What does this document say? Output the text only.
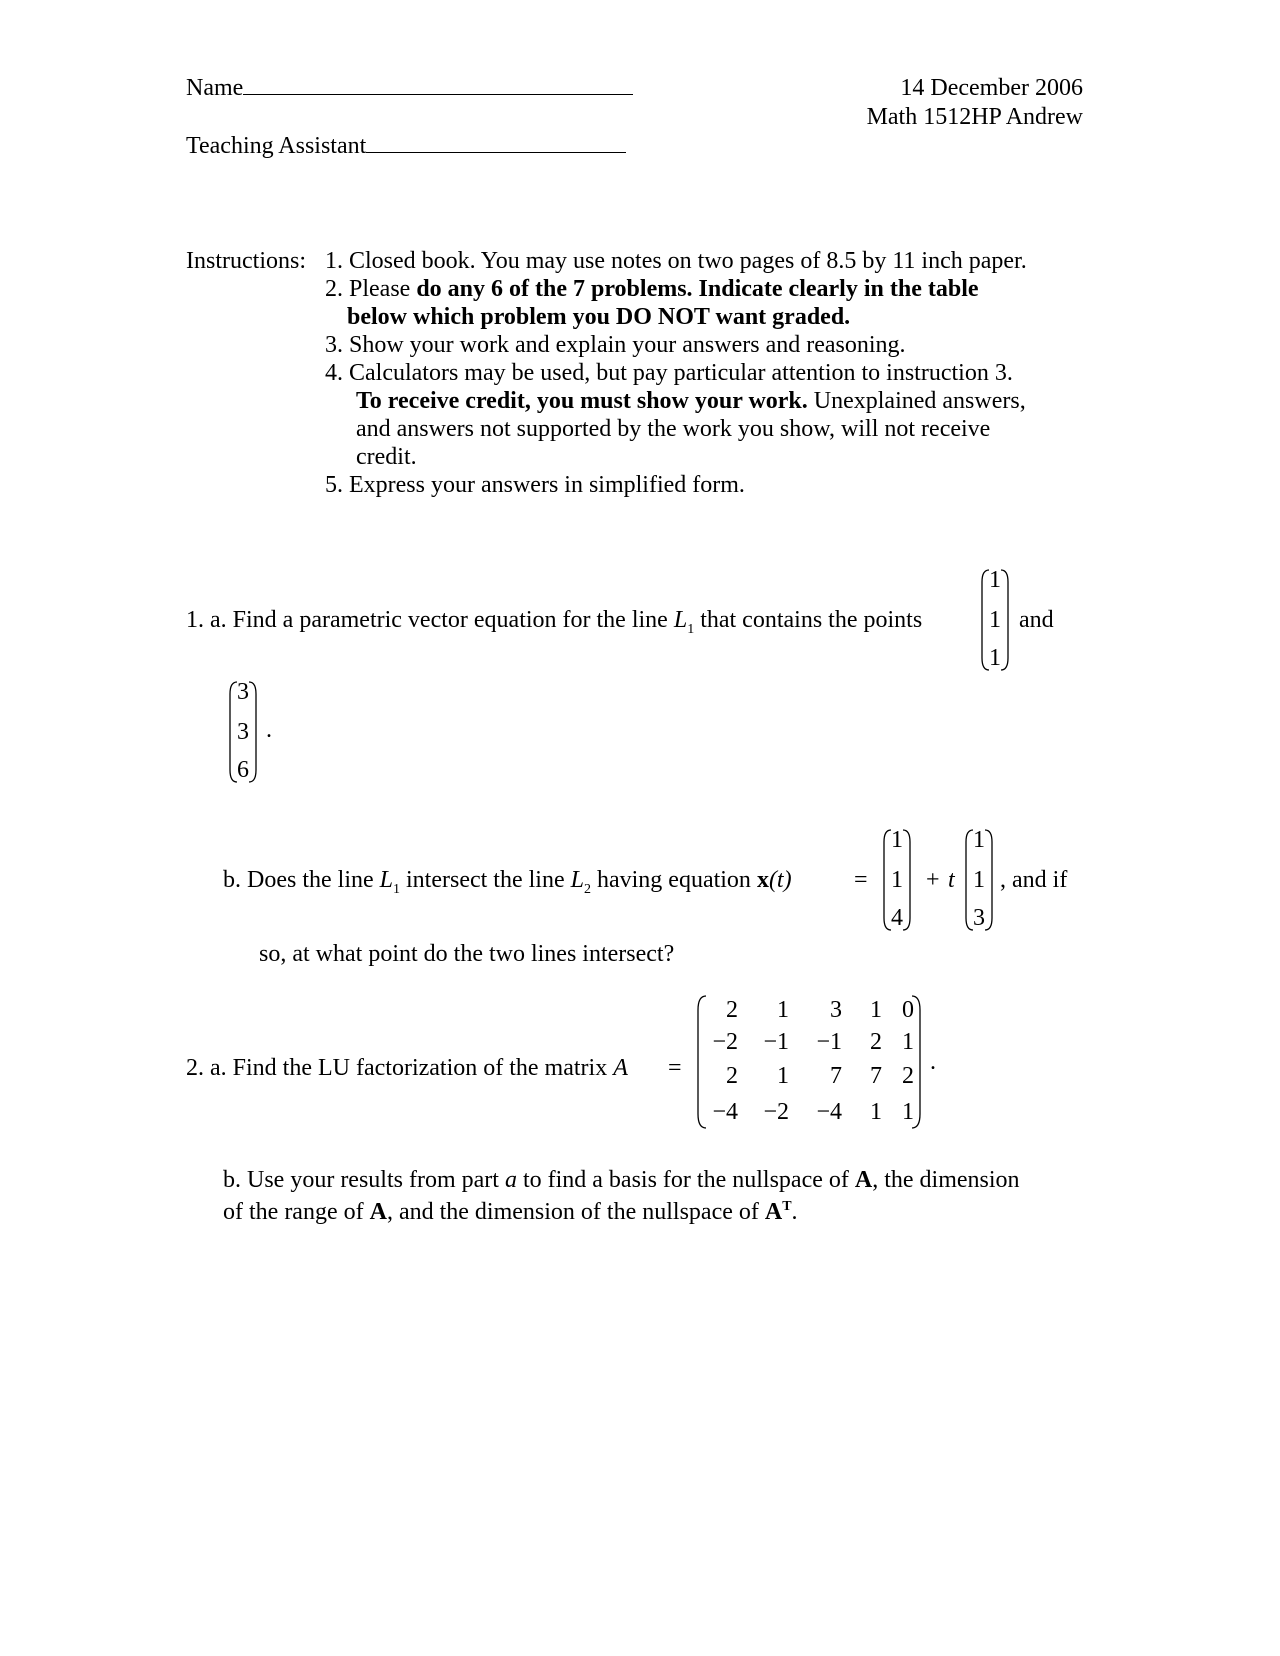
Name
Teaching Assistant
14 December 2006
Math 1512HP Andrew
Instructions: 1. Closed book. You may use notes on two pages of 8.5 by 11 inch paper.
2. Please do any 6 of the 7 problems. Indicate clearly in the table
below which problem you DO NOT want graded.
3. Show your work and explain your answers and reasoning.
4. Calculators may be used, but pay particular attention to instruction 3.
To receive credit, you must show your work. Unexplained answers,
and answers not supported by the work you show, will not receive
credit.
5. Express your answers in simplified form.
1. a. Find a parametric vector equation for the line $L_1$ that contains the points
1
1
1
and
3
3
6
.
b. Does the line $L_1$ intersect the line $L_2$ having equation x(t)	=
1
1
4
+ t
1
1
3
, and if
so, at what point do the two lines intersect?
2. a. Find the LU factorization of the matrix A =
2 1 3 1 0
−2 −1 −1 2 1
2 1 7 7 2
−4 −2 −4 1 1
.
b. Use your results from part a to find a basis for the nullspace of A, the dimension
of the range of A, and the dimension of the nullspace of $A^T$.
